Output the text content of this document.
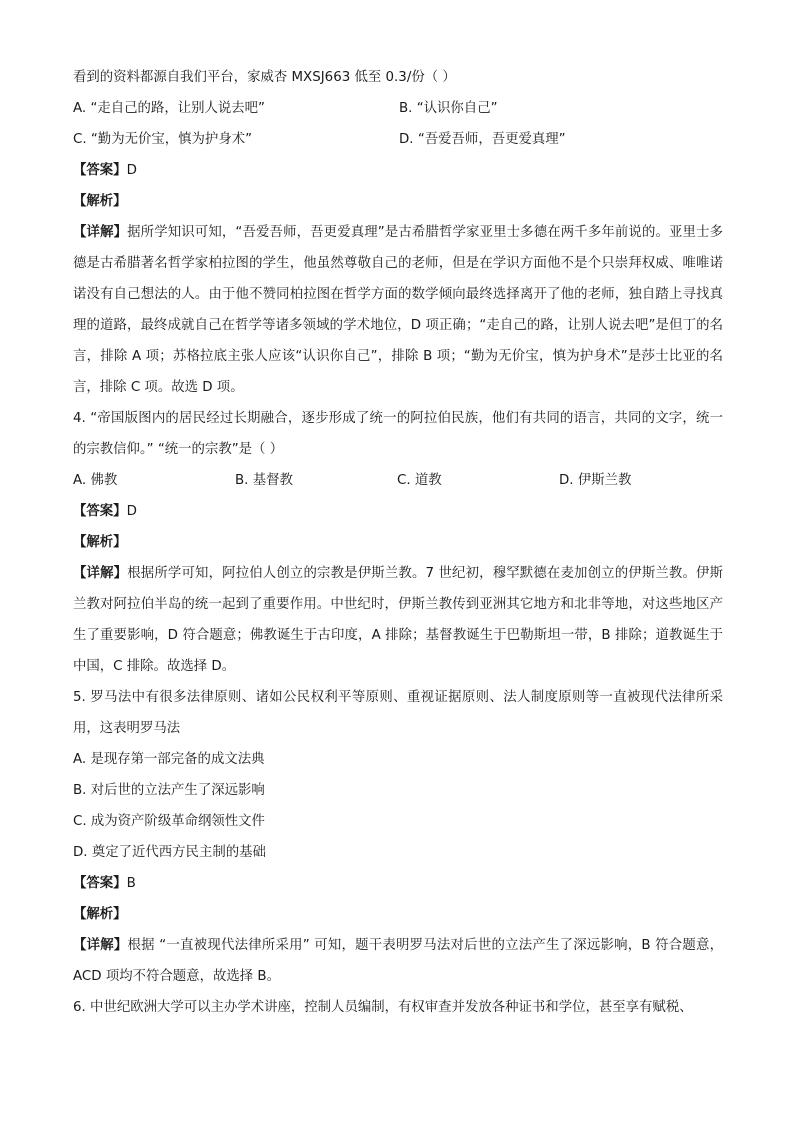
看到的资料都源自我们平台，家威杏 MXSJ663 低至 0.3/份（ ）
A. “走自己的路，让别人说去吧”	B. “认识你自己”
C. “勤为无价宝，慎为护身术”	D. “吾爱吾师，吾更爱真理”
【答案】D
【解析】
【详解】据所学知识可知，“吾爱吾师，吾更爱真理”是古希腊哲学家亚里士多德在两千多年前说的。亚里士多德是古希腊著名哲学家柏拉图的学生，他虽然尊敬自己的老师，但是在学识方面他不是个只崇拜权威、唯唯诺诺没有自己想法的人。由于他不赞同柏拉图在哲学方面的数学倾向最终选择离开了他的老师，独自踏上寻找真理的道路，最终成就自己在哲学等诸多领域的学术地位，D 项正确；“走自己的路，让别人说去吧”是但丁的名言，排除 A 项；苏格拉底主张人应该“认识你自己”，排除 B 项；“勤为无价宝，慎为护身术”是莎士比亚的名言，排除 C 项。故选 D 项。
4. “帝国版图内的居民经过长期融合，逐步形成了统一的阿拉伯民族，他们有共同的语言，共同的文字，统一的宗教信仰。” “统一的宗教”是（ ）
A. 佛教	B. 基督教	C. 道教	D. 伊斯兰教
【答案】D
【解析】
【详解】根据所学可知，阿拉伯人创立的宗教是伊斯兰教。7 世纪初，穆罕默德在麦加创立的伊斯兰教。伊斯兰教对阿拉伯半岛的统一起到了重要作用。中世纪时，伊斯兰教传到亚洲其它地方和北非等地，对这些地区产生了重要影响，D 符合题意；佛教诞生于古印度，A 排除；基督教诞生于巴勒斯坦一带，B 排除；道教诞生于中国，C 排除。故选择 D。
5. 罗马法中有很多法律原则、诸如公民权利平等原则、重视证据原则、法人制度原则等一直被现代法律所采用，这表明罗马法
A. 是现存第一部完备的成文法典
B. 对后世的立法产生了深远影响
C. 成为资产阶级革命纲领性文件
D. 奠定了近代西方民主制的基础
【答案】B
【解析】
【详解】根据 “一直被现代法律所采用” 可知，题干表明罗马法对后世的立法产生了深远影响，B 符合题意，ACD 项均不符合题意，故选择 B。
6. 中世纪欧洲大学可以主办学术讲座，控制人员编制，有权审查并发放各种证书和学位，甚至享有赋税、
